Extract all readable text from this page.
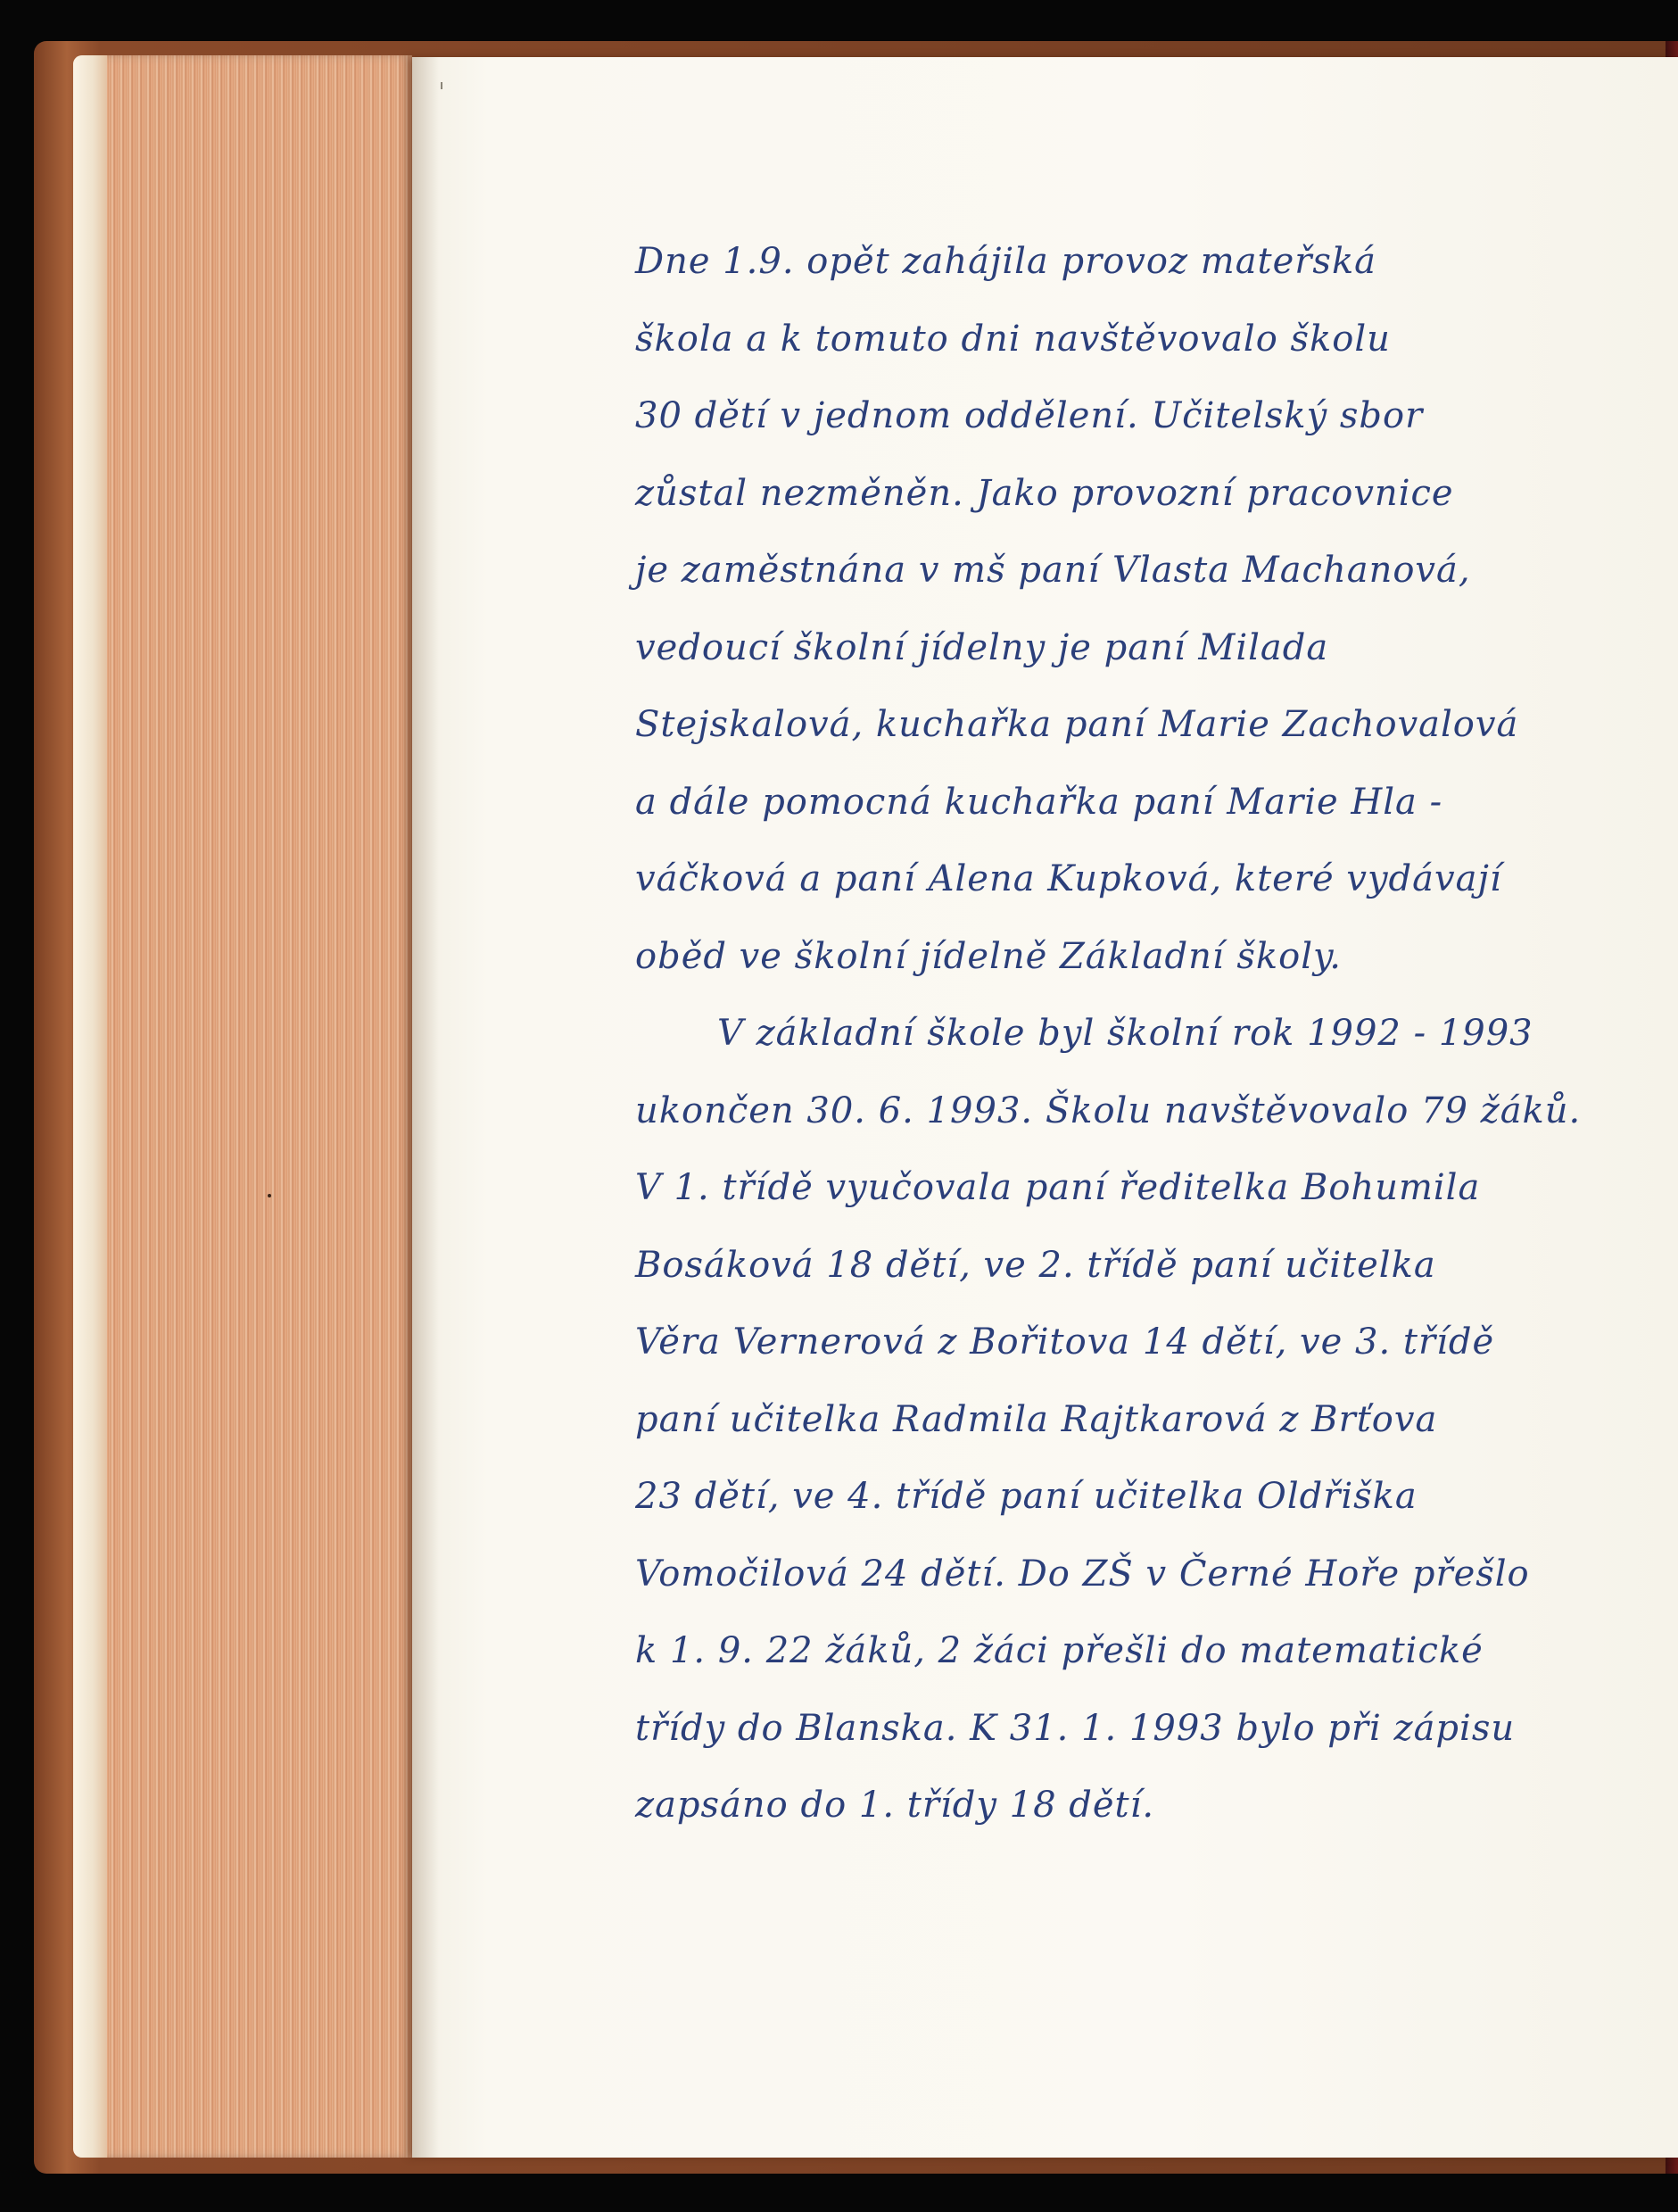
Dne 1.9. opět zahájila provoz mateřská
škola a k tomuto dni navštěvovalo školu
30 dětí v jednom oddělení. Učitelský sbor
zůstal nezměněn. Jako provozní pracovnice
je zaměstnána v mš paní Vlasta Machanová,
vedoucí školní jídelny je paní Milada
Stejskalová, kuchařka paní Marie Zachovalová
a dále pomocná kuchařka paní Marie Hla -
váčková a paní Alena Kupková, které vydávají
oběd ve školní jídelně Základní školy.
V základní škole byl školní rok 1992 - 1993
ukončen 30. 6. 1993. Školu navštěvovalo 79 žáků.
V 1. třídě vyučovala paní ředitelka Bohumila
Bosáková 18 dětí, ve 2. třídě paní učitelka
Věra Vernerová z Bořitova 14 dětí, ve 3. třídě
paní učitelka Radmila Rajtkarová z Brťova
23 dětí, ve 4. třídě paní učitelka Oldřiška
Vomočilová 24 dětí. Do ZŠ v Černé Hoře přešlo
k 1. 9. 22 žáků, 2 žáci přešli do matematické
třídy do Blanska. K 31. 1. 1993 bylo při zápisu
zapsáno do 1. třídy 18 dětí.
